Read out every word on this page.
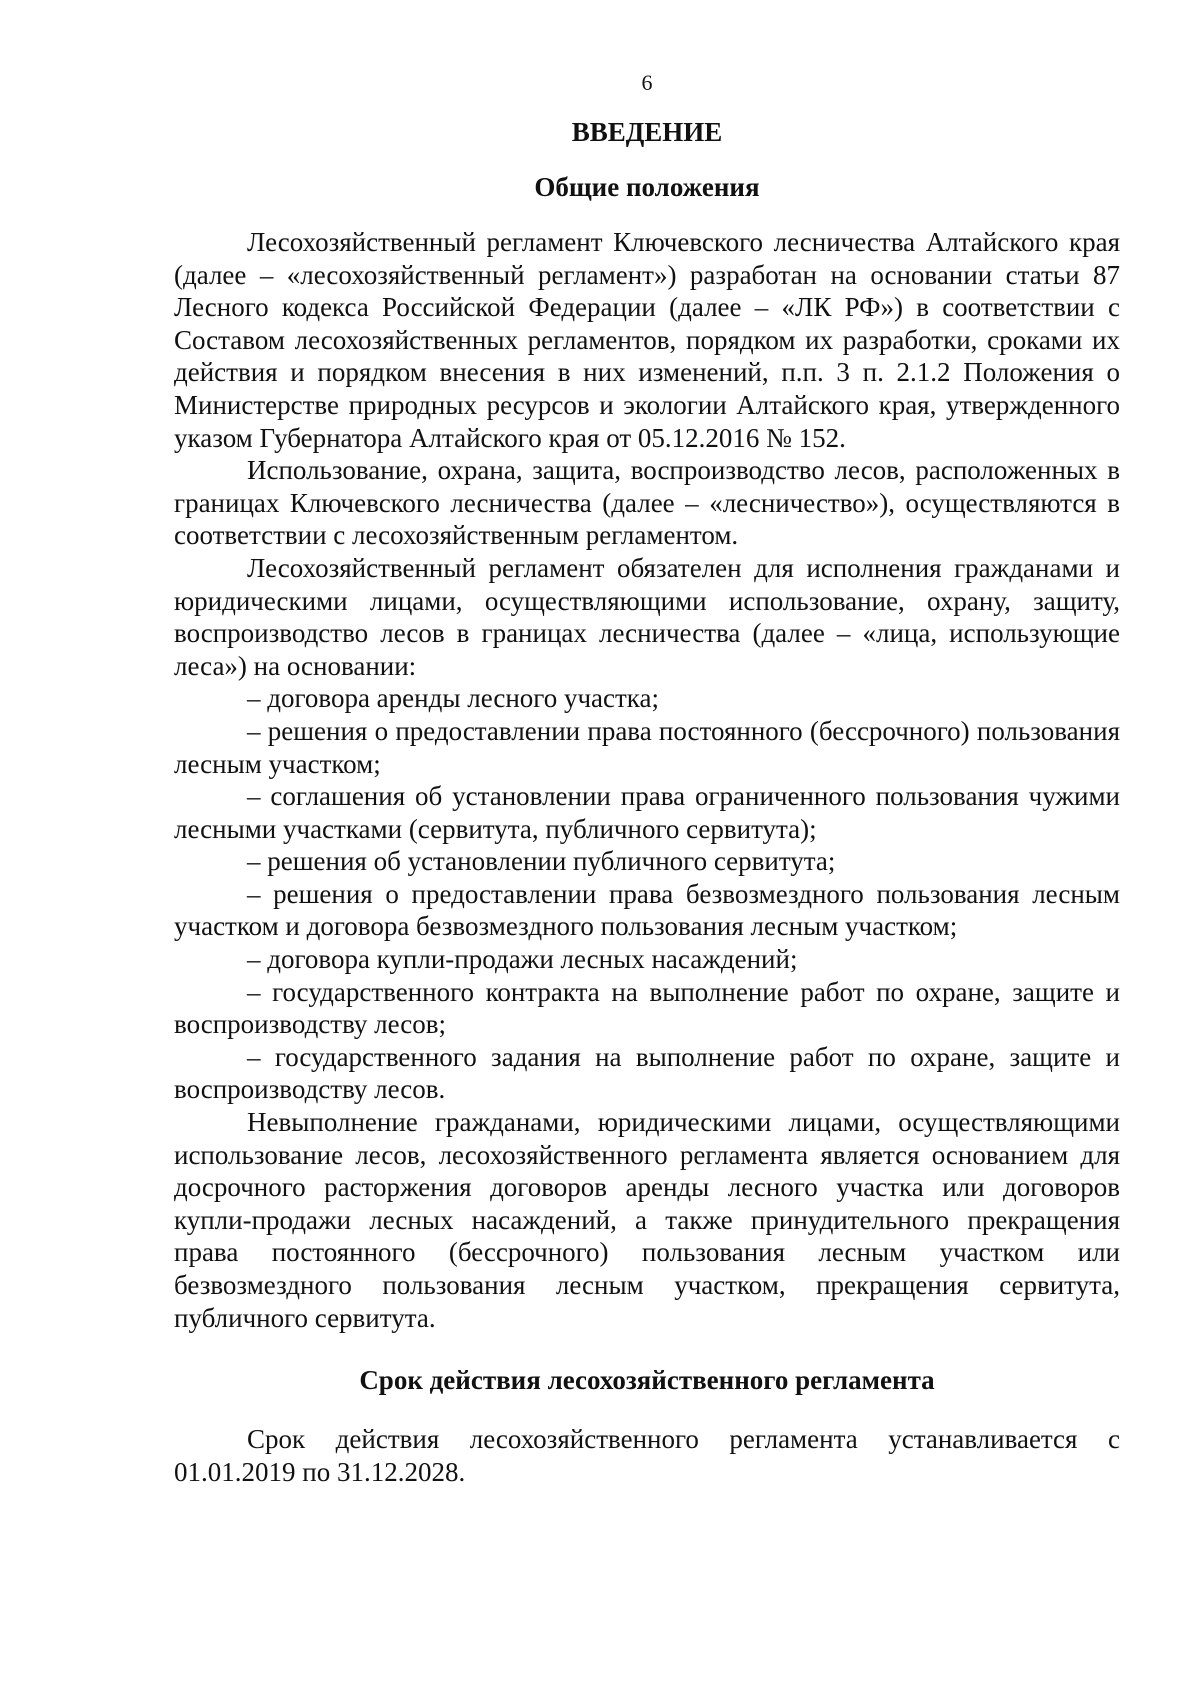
6
ВВЕДЕНИЕ
Общие положения

Лесохозяйственный регламент Ключевского лесничества Алтайского края (далее – «лесохозяйственный регламент») разработан на основании статьи 87 Лесного кодекса Российской Федерации (далее – «ЛК РФ») в соответствии с Составом лесохозяйственных регламентов, порядком их разработки, сроками их действия и порядком внесения в них изменений, п.п. 3 п. 2.1.2 Положения о Министерстве природных ресурсов и экологии Алтайского края, утвержденного указом Губернатора Алтайского края от 05.12.2016 № 152.

Использование, охрана, защита, воспроизводство лесов, расположенных в границах Ключевского лесничества (далее – «лесничество»), осуществляются в соответствии с лесохозяйственным регламентом.

Лесохозяйственный регламент обязателен для исполнения гражданами и юридическими лицами, осуществляющими использование, охрану, защиту, воспроизводство лесов в границах лесничества (далее – «лица, использующие леса») на основании:

– договора аренды лесного участка;

– решения о предоставлении права постоянного (бессрочного) пользования лесным участком;

– соглашения об установлении права ограниченного пользования чужими лесными участками (сервитута, публичного сервитута);

– решения об установлении публичного сервитута;

– решения о предоставлении права безвозмездного пользования лесным участком и договора безвозмездного пользования лесным участком;

– договора купли-продажи лесных насаждений;

– государственного контракта на выполнение работ по охране, защите и воспроизводству лесов;

– государственного задания на выполнение работ по охране, защите и воспроизводству лесов.

Невыполнение гражданами, юридическими лицами, осуществляющими использование лесов, лесохозяйственного регламента является основанием для досрочного расторжения договоров аренды лесного участка или договоров купли-продажи лесных насаждений, а также принудительного прекращения права постоянного (бессрочного) пользования лесным участком или безвозмездного пользования лесным участком, прекращения сервитута, публичного сервитута.

Срок действия лесохозяйственного регламента

Срок действия лесохозяйственного регламента устанавливается с 01.01.2019 по 31.12.2028.
